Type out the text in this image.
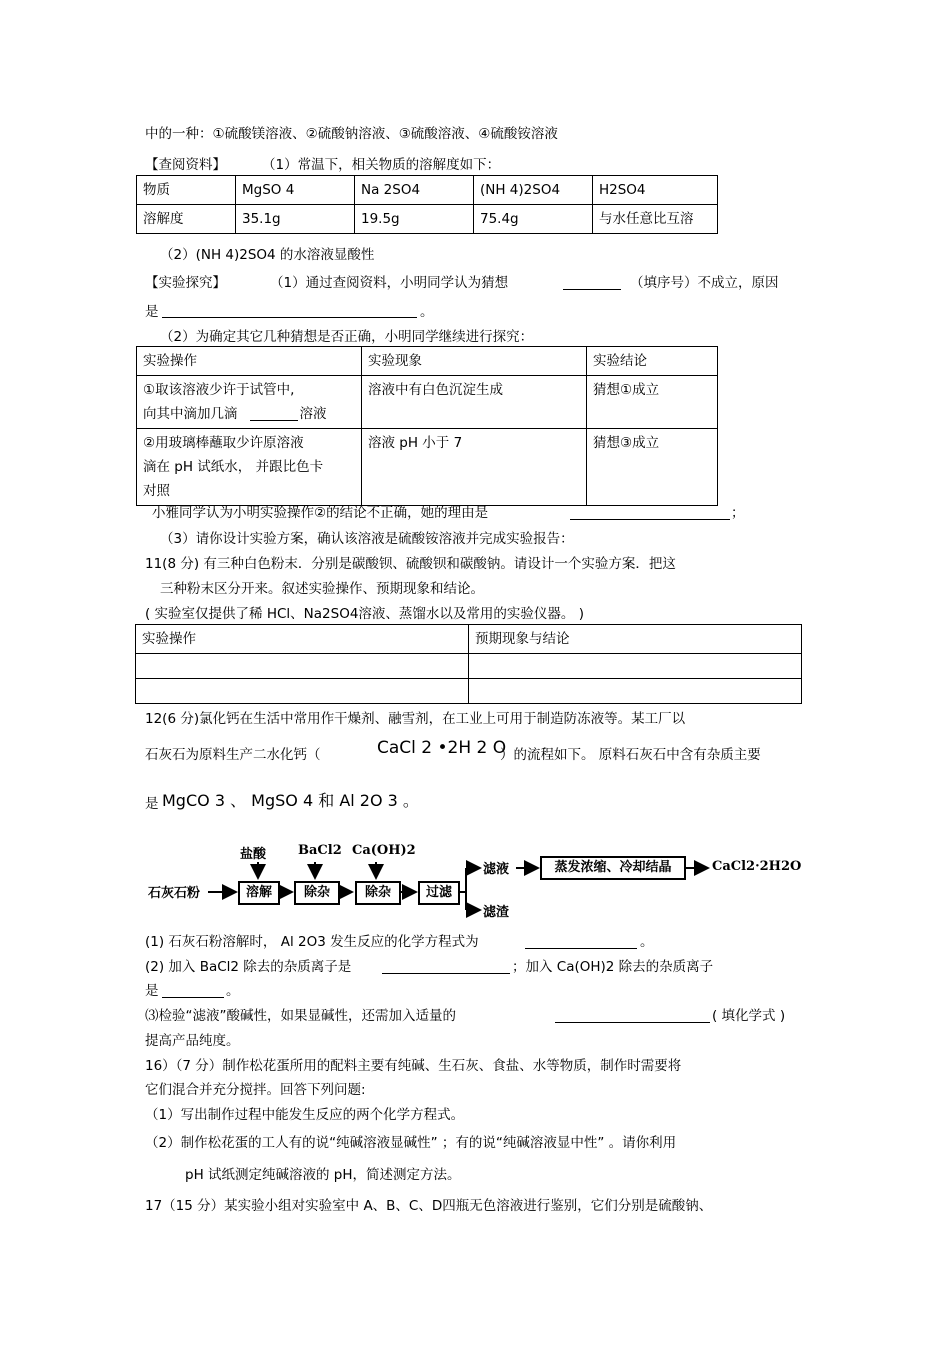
中的一种：①硫酸镁溶液、②硫酸钠溶液、③硫酸溶液、④硫酸铵溶液
【查阅资料】	（1）常温下，相关物质的溶解度如下：
物质	MgSO 4	Na 2SO4	(NH 4)2SO4	H2SO4
溶解度	35.1g	19.5g	75.4g	与水任意比互溶
（2）(NH 4)2SO4 的水溶液显酸性
【实验探究】	（1）通过查阅资料，小明同学认为猜想	（填序号）不成立，原因
是	。
（2）为确定其它几种猜想是否正确，小明同学继续进行探究：
实验操作	实验现象	实验结论

①取该溶液少许于试管中,
向其中滴加几滴 溶液	溶液中有白色沉淀生成	猜想①成立

②用玻璃棒蘸取少许原溶液
滴在 pH 试纸水， 并跟比色卡
对照	溶液 pH 小于 7	猜想③成立
小雅同学认为小明实验操作②的结论不正确，她的理由是	；
（3）请你设计实验方案，确认该溶液是硫酸铵溶液并完成实验报告：
11(8 分) 有三种白色粉末．分别是碳酸钡、硫酸钡和碳酸钠。请设计一个实验方案．把这
三种粉末区分开来。叙述实验操作、预期现象和结论。
( 实验室仅提供了稀 HCl、Na2SO4溶液、蒸馏水以及常用的实验仪器。 )
实验操作	预期现象与结论

12(6 分)氯化钙在生活中常用作干燥剂、融雪剂，在工业上可用于制造防冻液等。某工厂以
石灰石为原料生产二水化钙（	CaCl 2 •2H 2 O
）的流程如下。 原料石灰石中含有杂质主要
是 MgCO 3 、 MgSO 4 和 Al 2O 3 。
石灰石粉
盐酸 BaCl2 Ca(OH)2
溶解	除杂	除杂	过滤
滤液
滤渣
蒸发浓缩、冷却结晶	CaCl2·2H2O
(1) 石灰石粉溶解时， Al 2O3 发生反应的化学方程式为	。
(2) 加入 BaCl2 除去的杂质离子是	；加入 Ca(OH)2 除去的杂质离子
是	。
⑶检验“滤液”酸碱性，如果显碱性，还需加入适量的	( 填化学式 )
提高产品纯度。
16）（7 分）制作松花蛋所用的配料主要有纯碱、生石灰、食盐、水等物质，制作时需要将
它们混合并充分搅拌。回答下列问题:
（1）写出制作过程中能发生反应的两个化学方程式。
（2）制作松花蛋的工人有的说“纯碱溶液显碱性” ；有的说“纯碱溶液显中性” 。请你利用
pH 试纸测定纯碱溶液的 pH，简述测定方法。
17（15 分）某实验小组对实验室中 A、B、C、D四瓶无色溶液进行鉴别，它们分别是硫酸钠、
